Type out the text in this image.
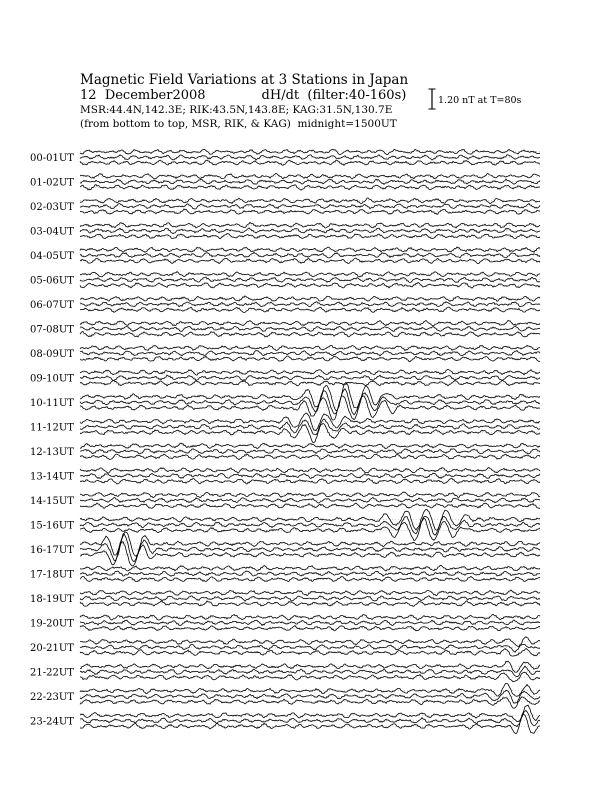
00-01UT
01-02UT
02-03UT
03-04UT
04-05UT
05-06UT
06-07UT
07-08UT
08-09UT
09-10UT
10-11UT
11-12UT
12-13UT
13-14UT
14-15UT
15-16UT
16-17UT
17-18UT
18-19UT
19-20UT
20-21UT
21-22UT
22-23UT
23-24UT
Magnetic Field Variations at 3 Stations in Japan
12 December2008	dH/dt (filter:40-160s)
MSR:44.4N,142.3E; RIK:43.5N,143.8E; KAG:31.5N,130.7E
(from bottom to top, MSR, RIK, & KAG) midnight=1500UT
1.20 nT at T=80s
